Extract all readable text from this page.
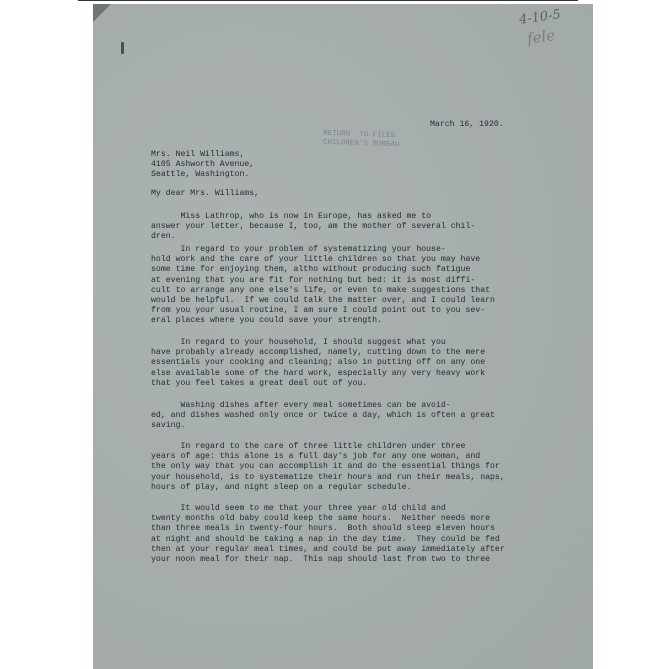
4-10-5
fele
RETURN  TO FILES
CHILDREN'S BUREAU
March 16, 1920.
Mrs. Neil Williams,
4105 Ashworth Avenue,
Seattle, Washington.
My dear Mrs. Williams,
Miss Lathrop, who is now in Europe, has asked me to
answer your letter, because I, too, am the mother of several chil-
dren.
In regard to your problem of systematizing your house-
hold work and the care of your little children so that you may have
some time for enjoying them, altho without producing such fatigue
at evening that you are fit for nothing but bed: it is most diffi-
cult to arrange any one else's life, or even to make suggestions that
would be helpful.  If we could talk the matter over, and I could learn
from you your usual routine, I am sure I could point out to you sev-
eral places where you could save your strength.
In regard to your household, I should suggest what you
have probably already accomplished, namely, cutting down to the mere
essentials your cooking and cleaning; also in putting off on any one
else available some of the hard work, especially any very heavy work
that you feel takes a great deal out of you.
Washing dishes after every meal sometimes can be avoid-
ed, and dishes washed only once or twice a day, which is often a great
saving.
In regard to the care of three little children under three
years of age: this alone is a full day's job for any one woman, and
the only way that you can accomplish it and do the essential things for
your household, is to systematize their hours and run their meals, naps,
hours of play, and night sleep on a regular schedule.
It would seem to me that your three year old child and
twenty months old baby could keep the same hours.  Neither needs more
than three meals in twenty-four hours.  Both should sleep eleven hours
at night and should be taking a nap in the day time.  They could be fed
then at your regular meal times, and could be put away immediately after
your noon meal for their nap.  This nap should last from two to three
